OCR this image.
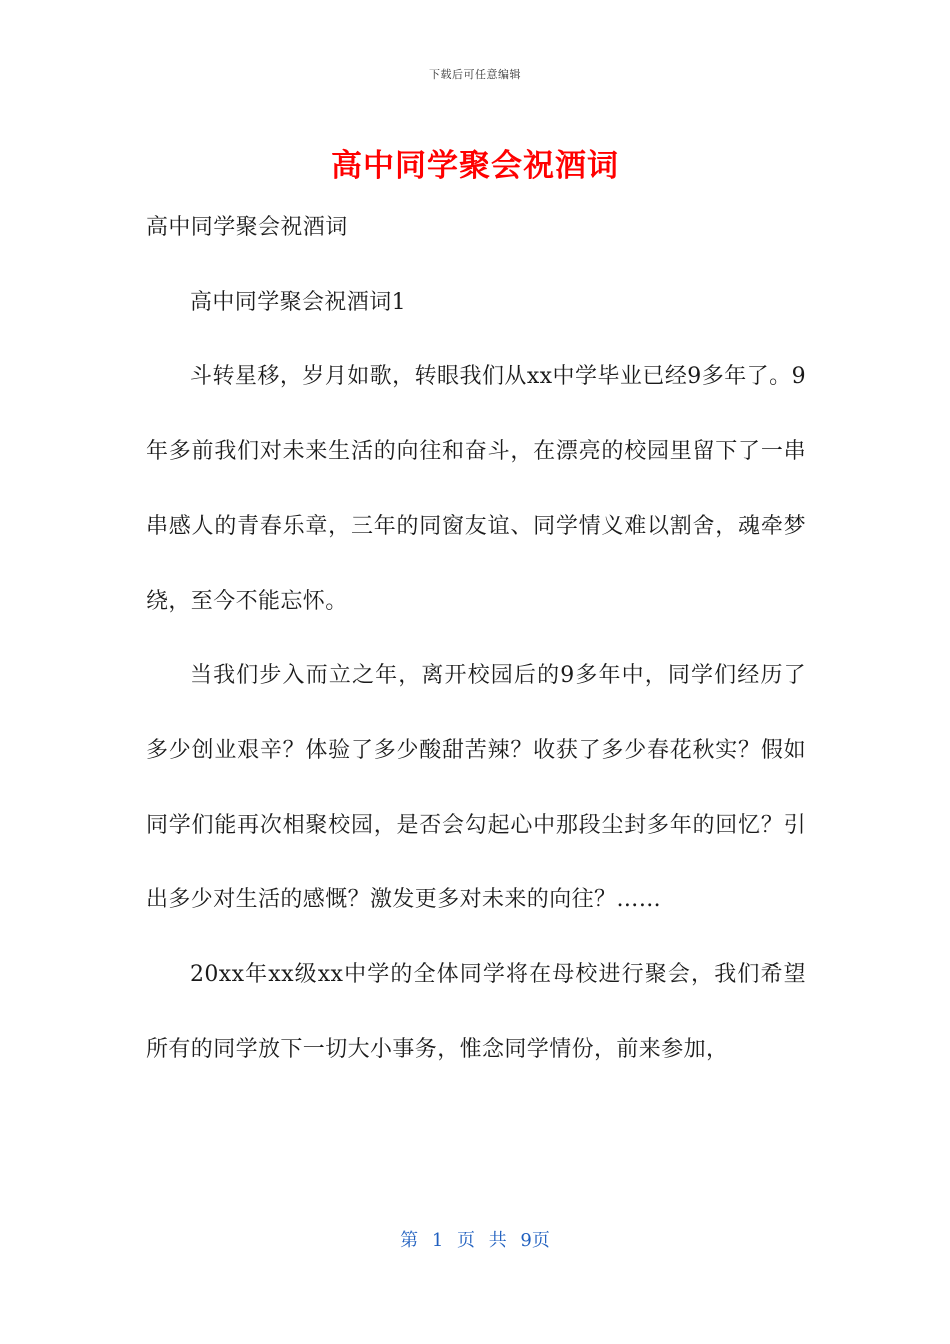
下载后可任意编辑
高中同学聚会祝酒词

高中同学聚会祝酒词

高中同学聚会祝酒词1

斗转星移，岁月如歌，转眼我们从xx中学毕业已经9多年了。9年多前我们对未来生活的向往和奋斗，在漂亮的校园里留下了一串串感人的青春乐章，三年的同窗友谊、同学情义难以割舍，魂牵梦绕，至今不能忘怀。

当我们步入而立之年，离开校园后的9多年中，同学们经历了多少创业艰辛？体验了多少酸甜苦辣？收获了多少春花秋实？假如同学们能再次相聚校园，是否会勾起心中那段尘封多年的回忆？引出多少对生活的感慨？激发更多对未来的向往？……

20xx年xx级xx中学的全体同学将在母校进行聚会，我们希望所有的同学放下一切大小事务，惟念同学情份，前来参加，

第 1 页 共 9页
